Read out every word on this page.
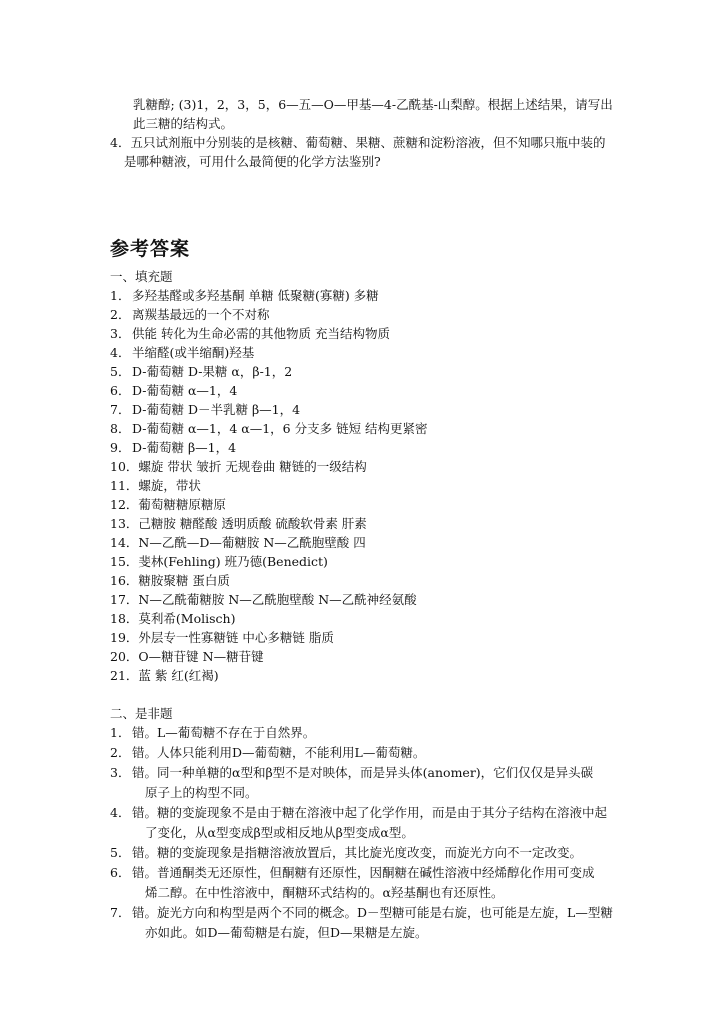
乳糖醇; (3)1，2，3，5，6—五—O—甲基—4-乙酰基-山梨醇。根据上述结果，请写出
此三糖的结构式。
4．五只试剂瓶中分别装的是核糖、葡萄糖、果糖、蔗糖和淀粉溶液，但不知哪只瓶中装的
是哪种糖液，可用什么最简便的化学方法鉴别?
参考答案
一、填充题
1． 多羟基醛或多羟基酮 单糖 低聚糖(寡糖) 多糖
2． 离羰基最远的一个不对称
3． 供能 转化为生命必需的其他物质 充当结构物质
4． 半缩醛(或半缩酮)羟基
5． D-葡萄糖 D-果糖 α，β-1，2
6． D-葡萄糖 α—1，4
7． D-葡萄糖 D－半乳糖 β—1，4
8． D-葡萄糖 α—1，4 α—1，6 分支多 链短 结构更紧密
9． D-葡萄糖 β—1，4
10．螺旋 带状 皱折 无规卷曲 糖链的一级结构
11．螺旋，带状
12．葡萄糖糖原糖原
13．己糖胺 糖醛酸 透明质酸 硫酸软骨素 肝素
14．N—乙酰—D—葡糖胺 N—乙酰胞壁酸 四
15．斐林(Fehling) 班乃德(Benedict)
16．糖胺聚糖 蛋白质
17．N—乙酰葡糖胺 N—乙酰胞壁酸 N—乙酰神经氨酸
18．莫利希(Molisch)
19．外层专一性寡糖链 中心多糖链 脂质
20．O—糖苷键 N—糖苷键
21．蓝 紫 红(红褐)
二、是非题
1． 错。L—葡萄糖不存在于自然界。
2． 错。人体只能利用D—葡萄糖，不能利用L—葡萄糖。
3． 错。同一种单糖的α型和β型不是对映体，而是异头体(anomer)，它们仅仅是异头碳
原子上的构型不同。
4． 错。糖的变旋现象不是由于糖在溶液中起了化学作用，而是由于其分子结构在溶液中起
了变化，从α型变成β型或相反地从β型变成α型。
5． 错。糖的变旋现象是指糖溶液放置后，其比旋光度改变，而旋光方向不一定改变。
6． 错。普通酮类无还原性，但酮糖有还原性，因酮糖在碱性溶液中经烯醇化作用可变成
烯二醇。在中性溶液中，酮糖环式结构的。α羟基酮也有还原性。
7． 错。旋光方向和构型是两个不同的概念。D－型糖可能是右旋，也可能是左旋，L—型糖
亦如此。如D—葡萄糖是右旋，但D—果糖是左旋。
